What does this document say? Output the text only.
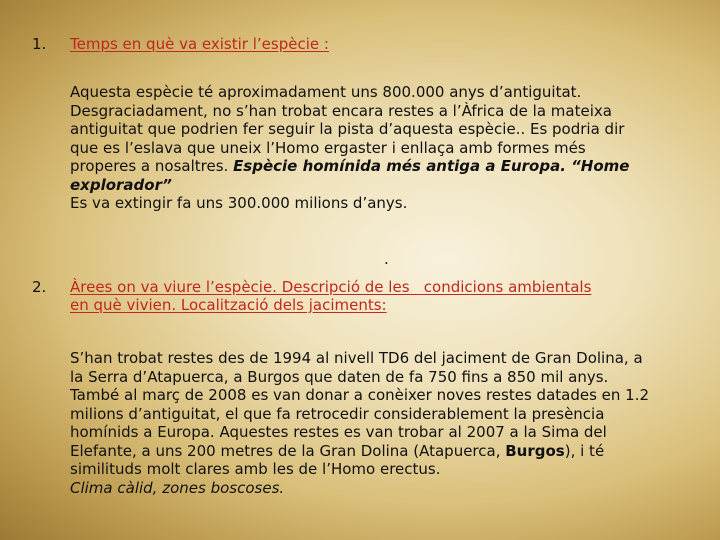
1. Temps en què va existir l’espècie :
Aquesta espècie té aproximadament uns 800.000 anys d’antiguitat.
Desgraciadament, no s’han trobat encara restes a l’Àfrica de la mateixa
antiguitat que podrien fer seguir la pista d’aquesta espècie.. Es podria dir
que es l’eslava que uneix l’Homo ergaster i enllaça amb formes més
properes a nosaltres. Espècie homínida més antiga a Europa. “Home
explorador”
Es va extingir fa uns 300.000 milions d’anys.
.
2. Àrees on va viure l’espècie. Descripció de les   condicions ambientals
en què vivien. Localització dels jaciments:
S’han trobat restes des de 1994 al nivell TD6 del jaciment de Gran Dolina, a
la Serra d’Atapuerca, a Burgos que daten de fa 750 fins a 850 mil anys.
També al març de 2008 es van donar a conèixer noves restes datades en 1.2
milions d’antiguitat, el que fa retrocedir considerablement la presència
homínids a Europa. Aquestes restes es van trobar al 2007 a la Sima del
Elefante, a uns 200 metres de la Gran Dolina (Atapuerca, Burgos), i té
similituds molt clares amb les de l’Homo erectus.
Clima càlid, zones boscoses.
